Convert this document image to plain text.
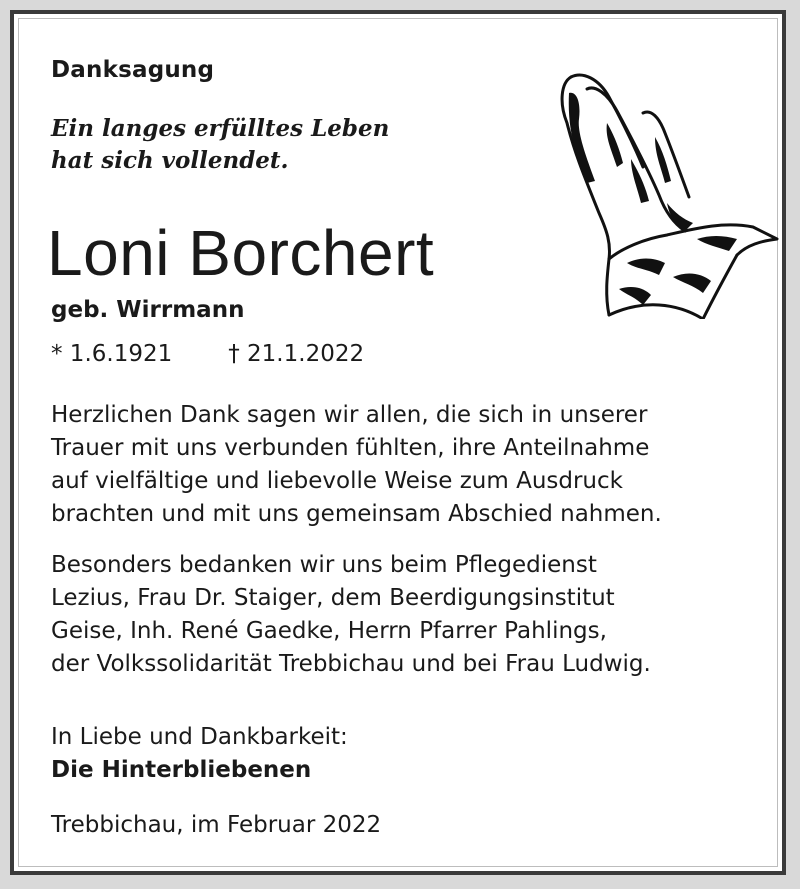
Danksagung
Ein langes erfülltes Leben
hat sich vollendet.
Loni Borchert
geb. Wirrmann
* 1.6.1921 † 21.1.2022
Herzlichen Dank sagen wir allen, die sich in unserer
Trauer mit uns verbunden fühlten, ihre Anteilnahme
auf vielfältige und liebevolle Weise zum Ausdruck
brachten und mit uns gemeinsam Abschied nahmen.
Besonders bedanken wir uns beim Pflegedienst
Lezius, Frau Dr. Staiger, dem Beerdigungsinstitut
Geise, Inh. René Gaedke, Herrn Pfarrer Pahlings,
der Volkssolidarität Trebbichau und bei Frau Ludwig.
In Liebe und Dankbarkeit:
Die Hinterbliebenen
Trebbichau, im Februar 2022
